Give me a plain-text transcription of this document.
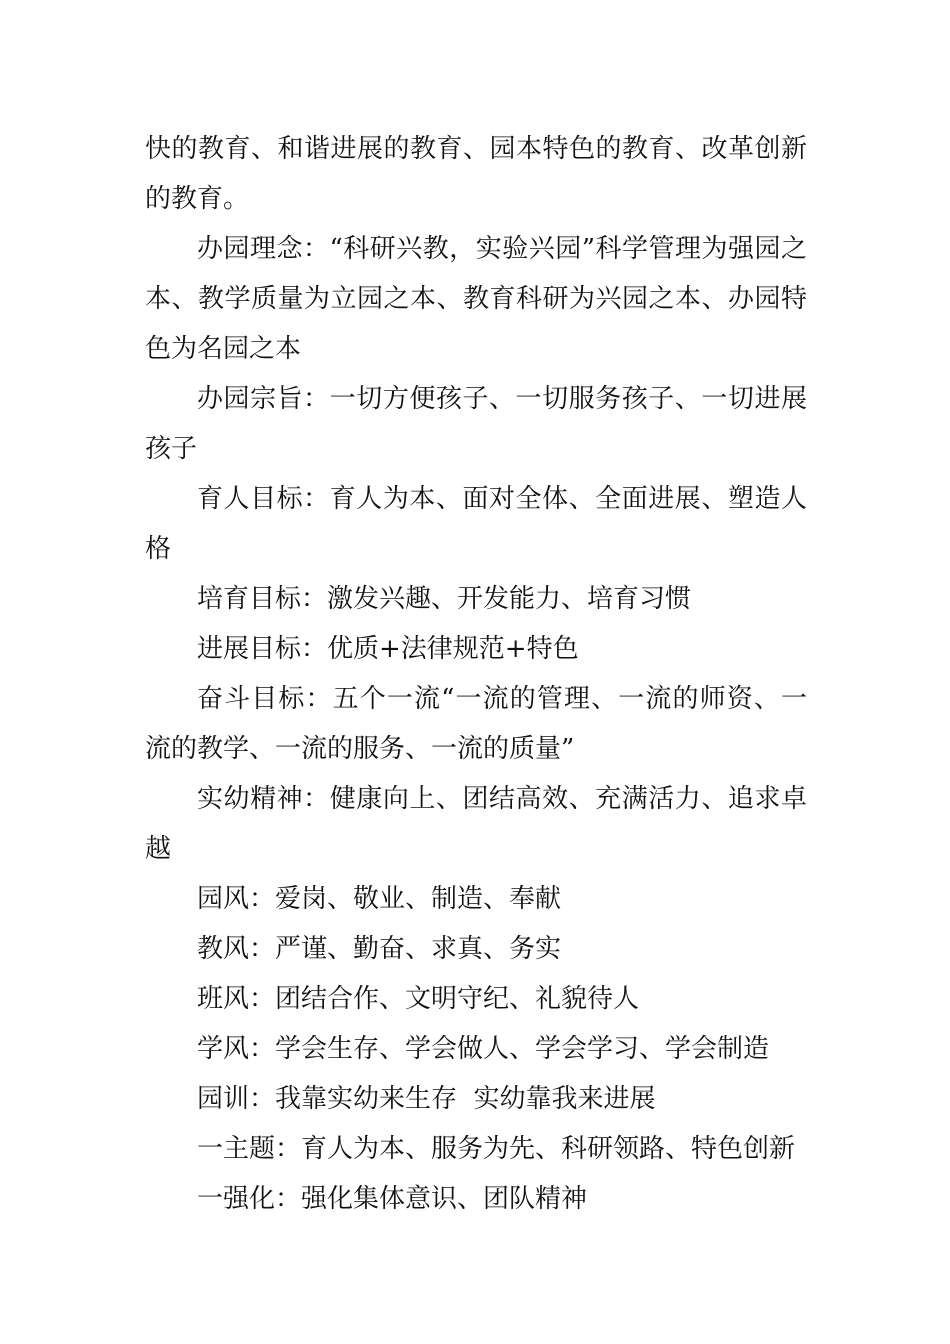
快的教育、和谐进展的教育、园本特色的教育、改革创新的教育。

办园理念：“科研兴教，实验兴园”科学管理为强园之本、教学质量为立园之本、教育科研为兴园之本、办园特色为名园之本

办园宗旨：一切方便孩子、一切服务孩子、一切进展孩子

育人目标：育人为本、面对全体、全面进展、塑造人格

培育目标：激发兴趣、开发能力、培育习惯

进展目标：优质+法律规范+特色

奋斗目标：五个一流“一流的管理、一流的师资、一流的教学、一流的服务、一流的质量”

实幼精神：健康向上、团结高效、充满活力、追求卓越

园风：爱岗、敬业、制造、奉献

教风：严谨、勤奋、求真、务实

班风：团结合作、文明守纪、礼貌待人

学风：学会生存、学会做人、学会学习、学会制造

园训：我靠实幼来生存  实幼靠我来进展

一主题：育人为本、服务为先、科研领路、特色创新

一强化：强化集体意识、团队精神
